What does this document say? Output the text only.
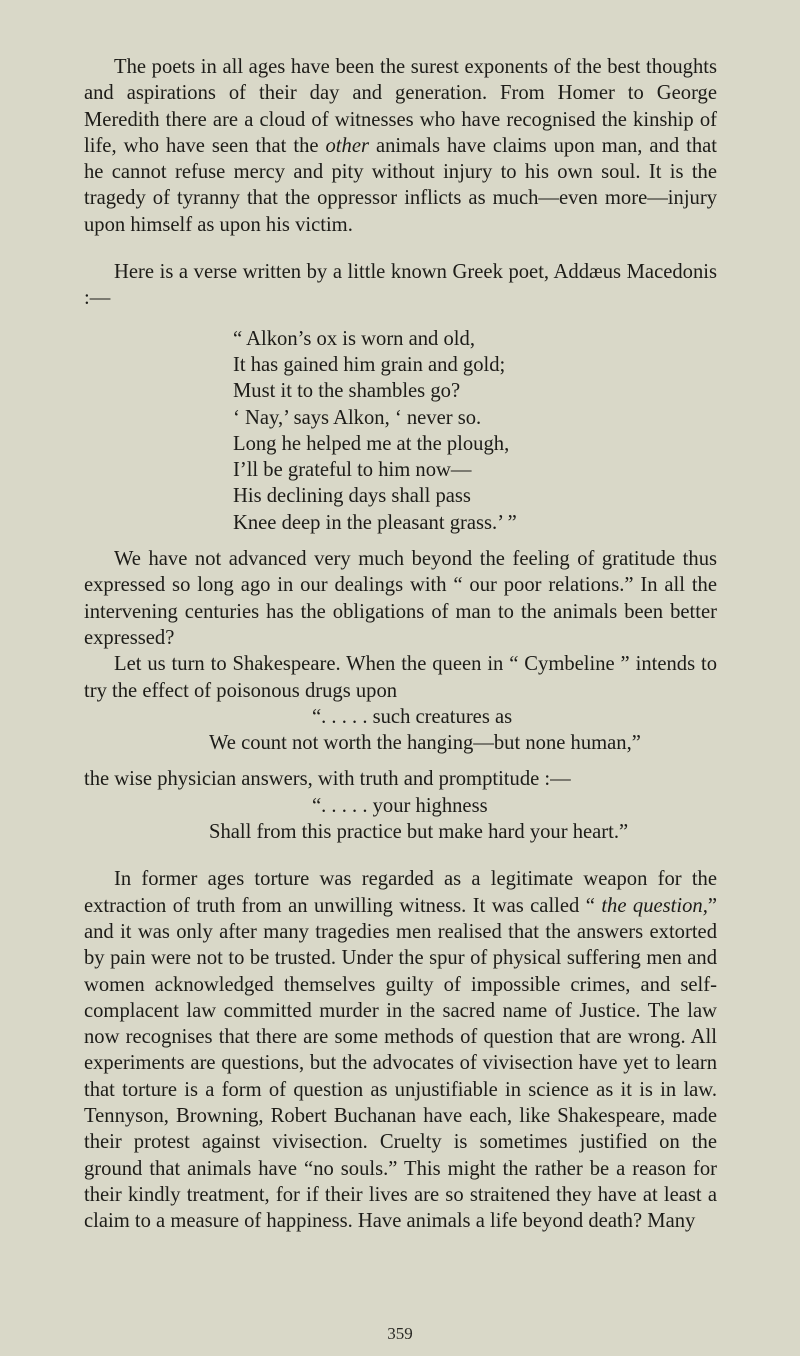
The poets in all ages have been the surest exponents of the best thoughts and aspirations of their day and generation. From Homer to George Meredith there are a cloud of witnesses who have recognised the kinship of life, who have seen that the other animals have claims upon man, and that he cannot refuse mercy and pity without injury to his own soul. It is the tragedy of tyranny that the oppressor inflicts as much—even more—injury upon himself as upon his victim.

Here is a verse written by a little known Greek poet, Addæus Macedonis :—

“ Alkon’s ox is worn and old,
It has gained him grain and gold;
Must it to the shambles go?
‘ Nay,’ says Alkon, ‘ never so.
Long he helped me at the plough,
I’ll be grateful to him now—
His declining days shall pass
Knee deep in the pleasant grass.’ ”

We have not advanced very much beyond the feeling of gratitude thus expressed so long ago in our dealings with “ our poor relations.” In all the intervening centuries has the obligations of man to the animals been better expressed?

Let us turn to Shakespeare. When the queen in “ Cymbeline ” intends to try the effect of poisonous drugs upon

“. . . . . such creatures as
We count not worth the hanging—but none human,”

the wise physician answers, with truth and promptitude :—

“. . . . . your highness
Shall from this practice but make hard your heart.”

In former ages torture was regarded as a legitimate weapon for the extraction of truth from an unwilling witness. It was called “ the question,” and it was only after many tragedies men realised that the answers extorted by pain were not to be trusted. Under the spur of physical suffering men and women acknowledged themselves guilty of impossible crimes, and self-complacent law committed murder in the sacred name of Justice. The law now recognises that there are some methods of question that are wrong. All experiments are questions, but the advocates of vivisection have yet to learn that torture is a form of question as unjustifiable in science as it is in law. Tennyson, Browning, Robert Buchanan have each, like Shakespeare, made their protest against vivisection. Cruelty is sometimes justified on the ground that animals have “no souls.” This might the rather be a reason for their kindly treatment, for if their lives are so straitened they have at least a claim to a measure of happiness. Have animals a life beyond death? Many

359
